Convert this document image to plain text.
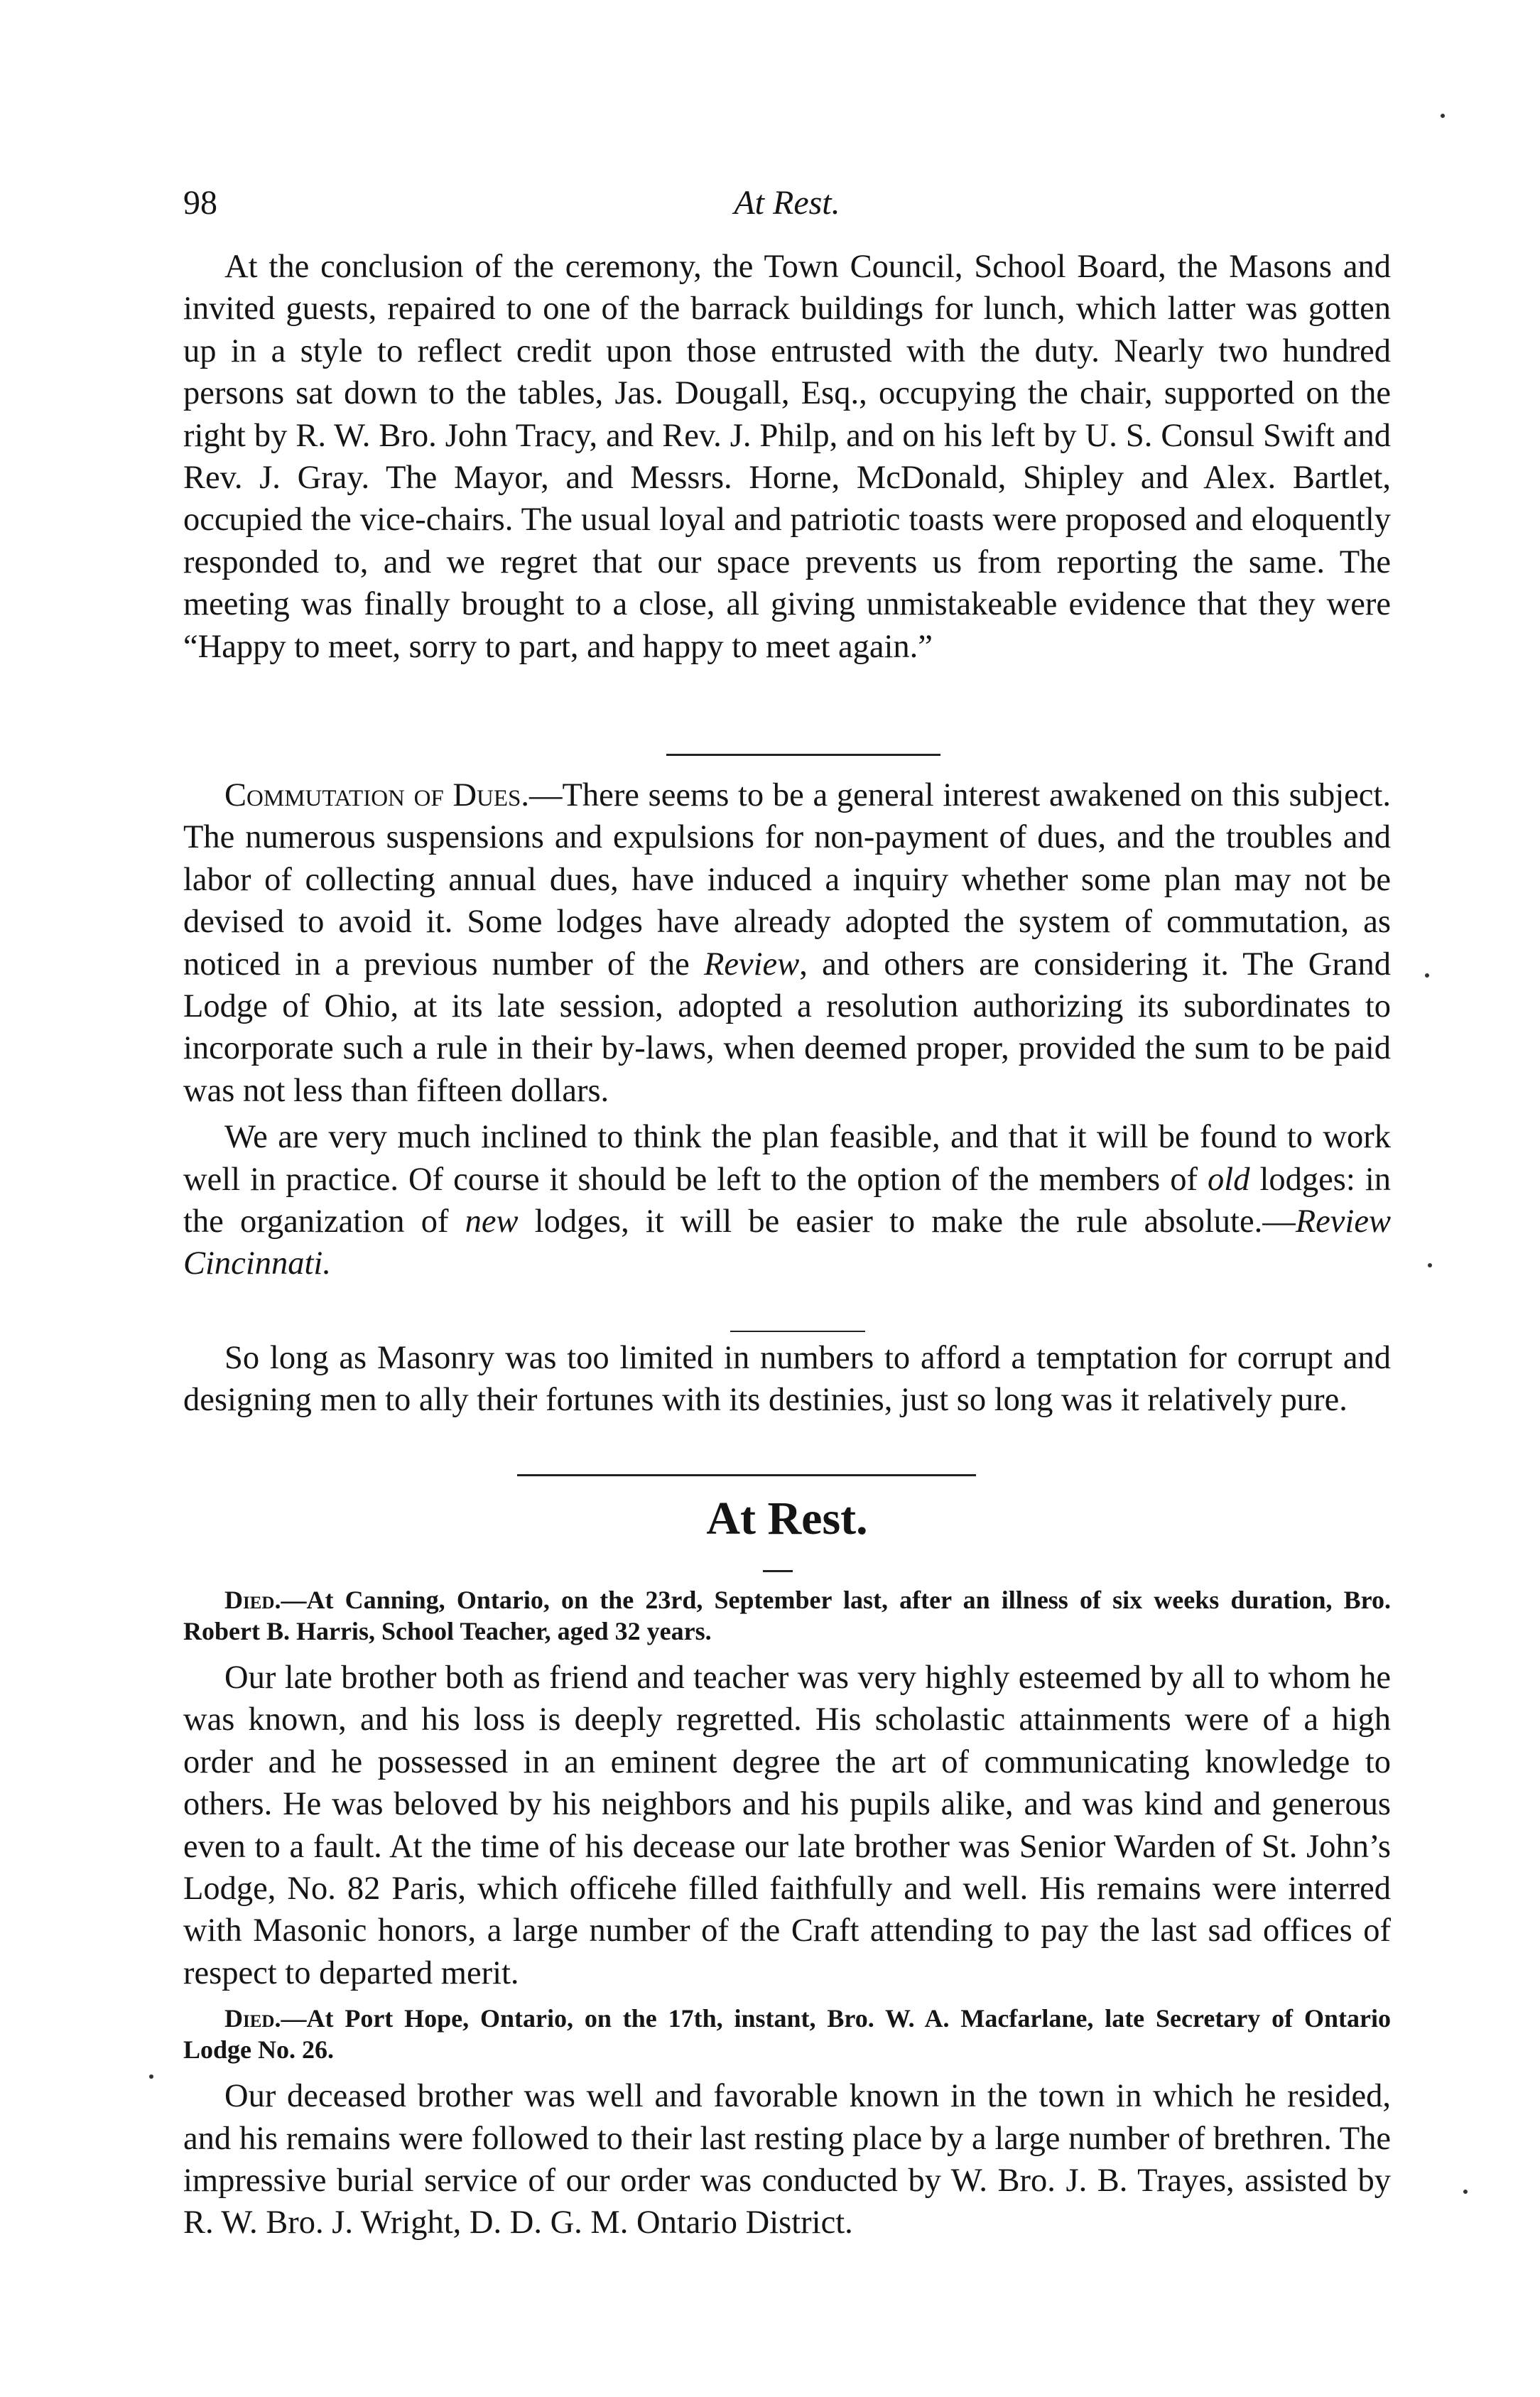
98	At Rest.

At the conclusion of the ceremony, the Town Council, School Board, the Masons and invited guests, repaired to one of the barrack buildings for lunch, which latter was gotten up in a style to reflect credit upon those entrusted with the duty. Nearly two hundred persons sat down to the tables, Jas. Dougall, Esq., occupying the chair, supported on the right by R. W. Bro. John Tracy, and Rev. J. Philp, and on his left by U. S. Consul Swift and Rev. J. Gray. The Mayor, and Messrs. Horne, McDonald, Shipley and Alex. Bartlet, occupied the vice-chairs. The usual loyal and patriotic toasts were proposed and eloquently responded to, and we regret that our space prevents us from reporting the same. The meeting was finally brought to a close, all giving unmistakeable evidence that they were “Happy to meet, sorry to part, and happy to meet again.”

Commutation of Dues.—There seems to be a general interest awakened on this subject. The numerous suspensions and expulsions for non-payment of dues, and the troubles and labor of collecting annual dues, have induced a inquiry whether some plan may not be devised to avoid it. Some lodges have already adopted the system of commutation, as noticed in a previous number of the Review, and others are considering it. The Grand Lodge of Ohio, at its late session, adopted a resolution authorizing its subordinates to incorporate such a rule in their by-laws, when deemed proper, provided the sum to be paid was not less than fifteen dollars.

We are very much inclined to think the plan feasible, and that it will be found to work well in practice. Of course it should be left to the option of the members of old lodges: in the organization of new lodges, it will be easier to make the rule absolute.—Review Cincinnati.

So long as Masonry was too limited in numbers to afford a temptation for corrupt and designing men to ally their fortunes with its destinies, just so long was it relatively pure.

At Rest.

Died.—At Canning, Ontario, on the 23rd, September last, after an illness of six weeks duration, Bro. Robert B. Harris, School Teacher, aged 32 years.

Our late brother both as friend and teacher was very highly esteemed by all to whom he was known, and his loss is deeply regretted. His scholastic attainments were of a high order and he possessed in an eminent degree the art of communicating knowledge to others. He was beloved by his neighbors and his pupils alike, and was kind and generous even to a fault. At the time of his decease our late brother was Senior Warden of St. John’s Lodge, No. 82 Paris, which officehe filled faithfully and well. His remains were interred with Masonic honors, a large number of the Craft attending to pay the last sad offices of respect to departed merit.

Died.—At Port Hope, Ontario, on the 17th, instant, Bro. W. A. Macfarlane, late Secretary of Ontario Lodge No. 26.

Our deceased brother was well and favorable known in the town in which he resided, and his remains were followed to their last resting place by a large number of brethren. The impressive burial service of our order was conducted by W. Bro. J. B. Trayes, assisted by R. W. Bro. J. Wright, D. D. G. M. Ontario District.
